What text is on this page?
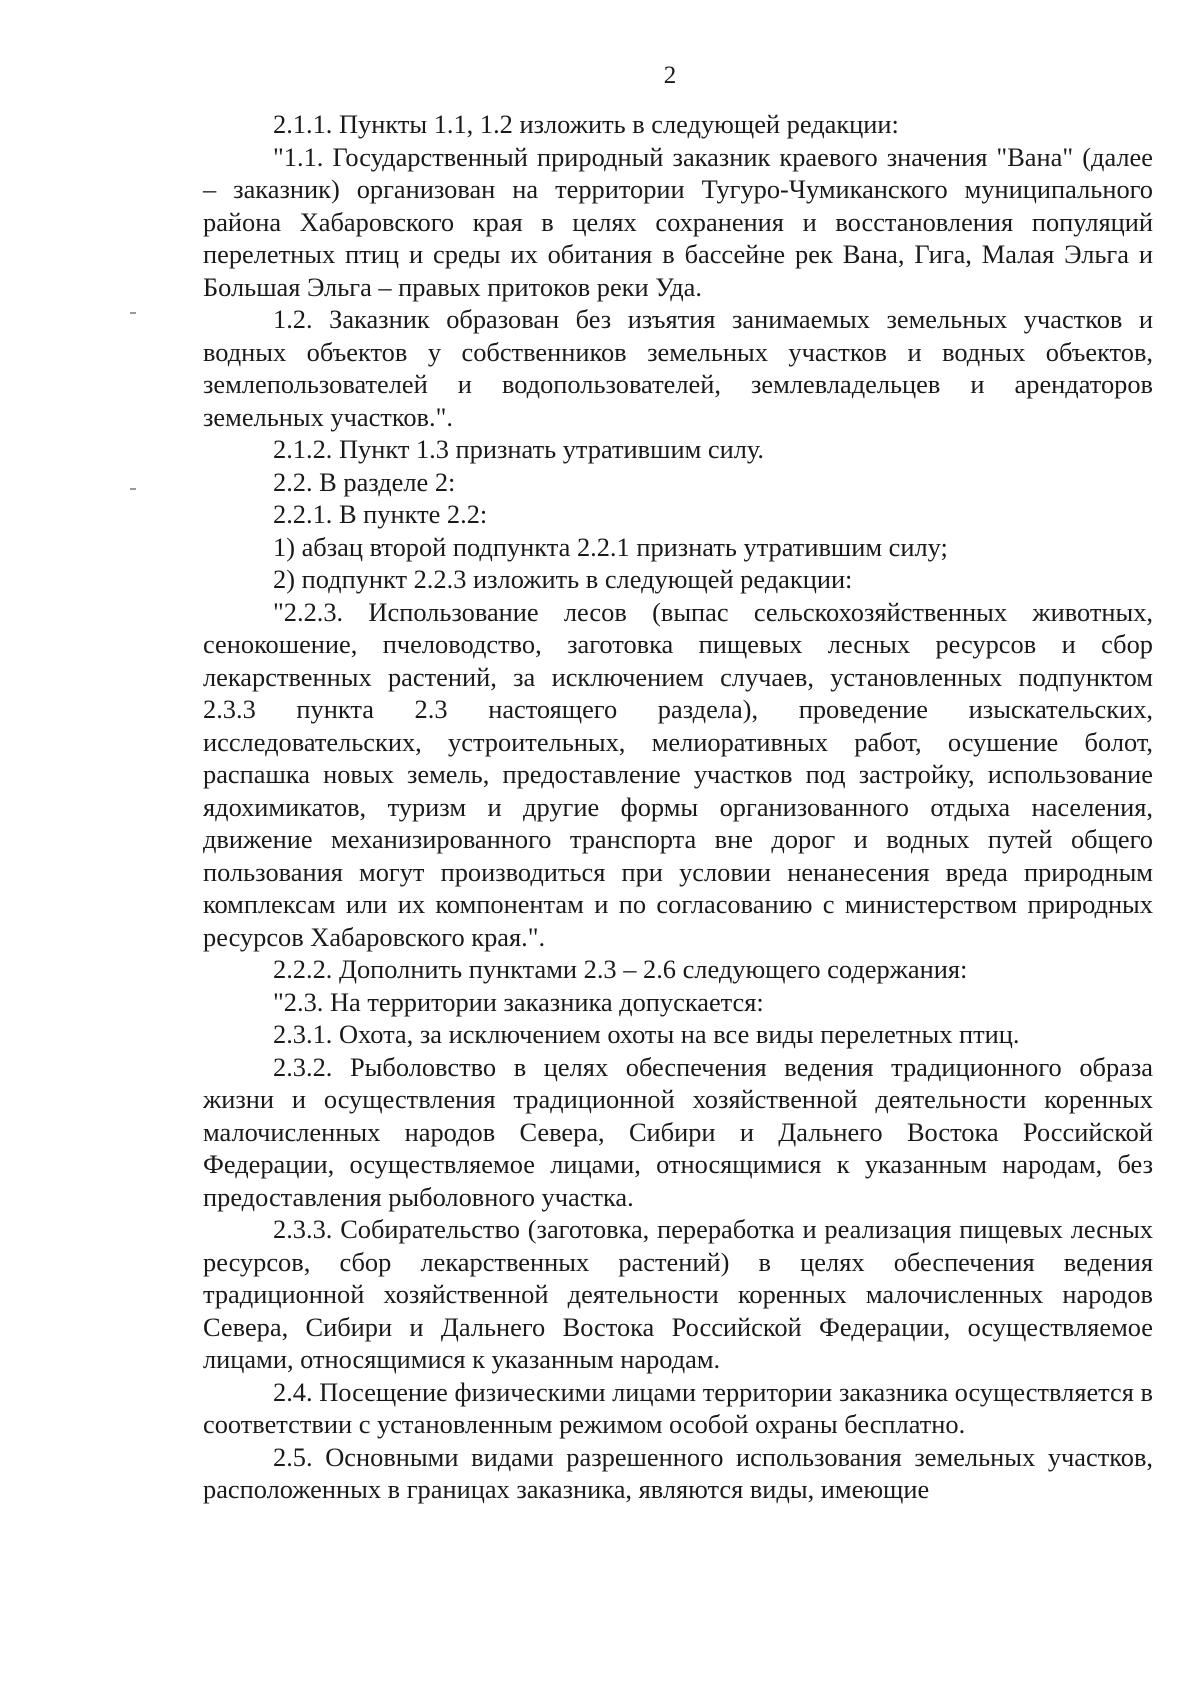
2

2.1.1. Пункты 1.1, 1.2 изложить в следующей редакции:

"1.1. Государственный природный заказник краевого значения "Вана" (далее – заказник) организован на территории Тугуро-Чумиканского муниципального района Хабаровского края в целях сохранения и восстановления популяций перелетных птиц и среды их обитания в бассейне рек Вана, Гига, Малая Эльга и Большая Эльга – правых притоков реки Уда.

1.2. Заказник образован без изъятия занимаемых земельных участков и водных объектов у собственников земельных участков и водных объектов, землепользователей и водопользователей, землевладельцев и арендаторов земельных участков.".

2.1.2. Пункт 1.3 признать утратившим силу.

2.2. В разделе 2:

2.2.1. В пункте 2.2:

1) абзац второй подпункта 2.2.1 признать утратившим силу;

2) подпункт 2.2.3 изложить в следующей редакции:

"2.2.3. Использование лесов (выпас сельскохозяйственных животных, сенокошение, пчеловодство, заготовка пищевых лесных ресурсов и сбор лекарственных растений, за исключением случаев, установленных подпунктом 2.3.3 пункта 2.3 настоящего раздела), проведение изыскательских, исследовательских, устроительных, мелиоративных работ, осушение болот, распашка новых земель, предоставление участков под застройку, использование ядохимикатов, туризм и другие формы организованного отдыха населения, движение механизированного транспорта вне дорог и водных путей общего пользования могут производиться при условии ненанесения вреда природным комплексам или их компонентам и по согласованию с министерством природных ресурсов Хабаровского края.".

2.2.2. Дополнить пунктами 2.3 – 2.6 следующего содержания:

"2.3. На территории заказника допускается:

2.3.1. Охота, за исключением охоты на все виды перелетных птиц.

2.3.2. Рыболовство в целях обеспечения ведения традиционного образа жизни и осуществления традиционной хозяйственной деятельности коренных малочисленных народов Севера, Сибири и Дальнего Востока Российской Федерации, осуществляемое лицами, относящимися к указанным народам, без предоставления рыболовного участка.

2.3.3. Собирательство (заготовка, переработка и реализация пищевых лесных ресурсов, сбор лекарственных растений) в целях обеспечения ведения традиционной хозяйственной деятельности коренных малочисленных народов Севера, Сибири и Дальнего Востока Российской Федерации, осуществляемое лицами, относящимися к указанным народам.

2.4. Посещение физическими лицами территории заказника осуществляется в соответствии с установленным режимом особой охраны бесплатно.

2.5. Основными видами разрешенного использования земельных участков, расположенных в границах заказника, являются виды, имеющие
